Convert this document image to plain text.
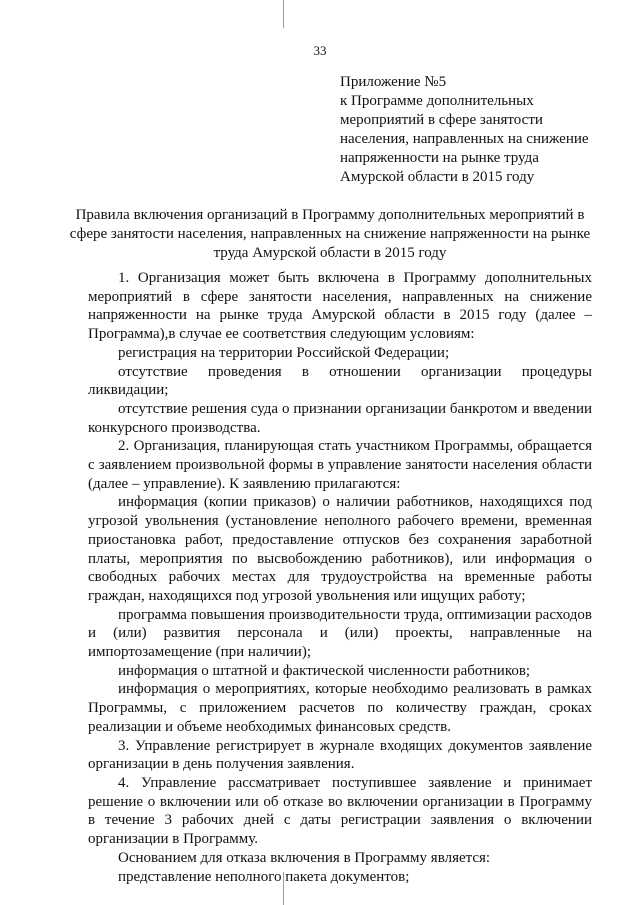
33
Приложение №5
к Программе дополнительных
мероприятий в сфере занятости
населения, направленных на снижение
напряженности на рынке труда
Амурской области в 2015 году
Правила включения организаций в Программу дополнительных мероприятий в сфере занятости населения, направленных на снижение напряженности на рынке труда Амурской области в 2015 году

1. Организация может быть включена в Программу дополнительных мероприятий в сфере занятости населения, направленных на снижение напряженности на рынке труда Амурской области в 2015 году (далее – Программа),в случае ее соответствия следующим условиям:

регистрация на территории Российской Федерации;

отсутствие проведения в отношении организации процедуры ликвидации;

отсутствие решения суда о признании организации банкротом и введении конкурсного производства.

2. Организация, планирующая стать участником Программы, обращается с заявлением произвольной формы в управление занятости населения области (далее – управление). К заявлению прилагаются:

информация (копии приказов) о наличии работников, находящихся под угрозой увольнения (установление неполного рабочего времени, временная приостановка работ, предоставление отпусков без сохранения заработной платы, мероприятия по высвобождению работников), или информация о свободных рабочих местах для трудоустройства на временные работы граждан, находящихся под угрозой увольнения или ищущих работу;

программа повышения производительности труда, оптимизации расходов и (или) развития персонала и (или) проекты, направленные на импортозамещение (при наличии);

информация о штатной и фактической численности работников;

информация о мероприятиях, которые необходимо реализовать в рамках Программы, с приложением расчетов по количеству граждан, сроках реализации и объеме необходимых финансовых средств.

3. Управление регистрирует в журнале входящих документов заявление организации в день получения заявления.

4. Управление рассматривает поступившее заявление и принимает решение о включении или об отказе во включении организации в Программу в течение 3 рабочих дней с даты регистрации заявления о включении организации в Программу.

Основанием для отказа включения в Программу является:

представление неполного пакета документов;
